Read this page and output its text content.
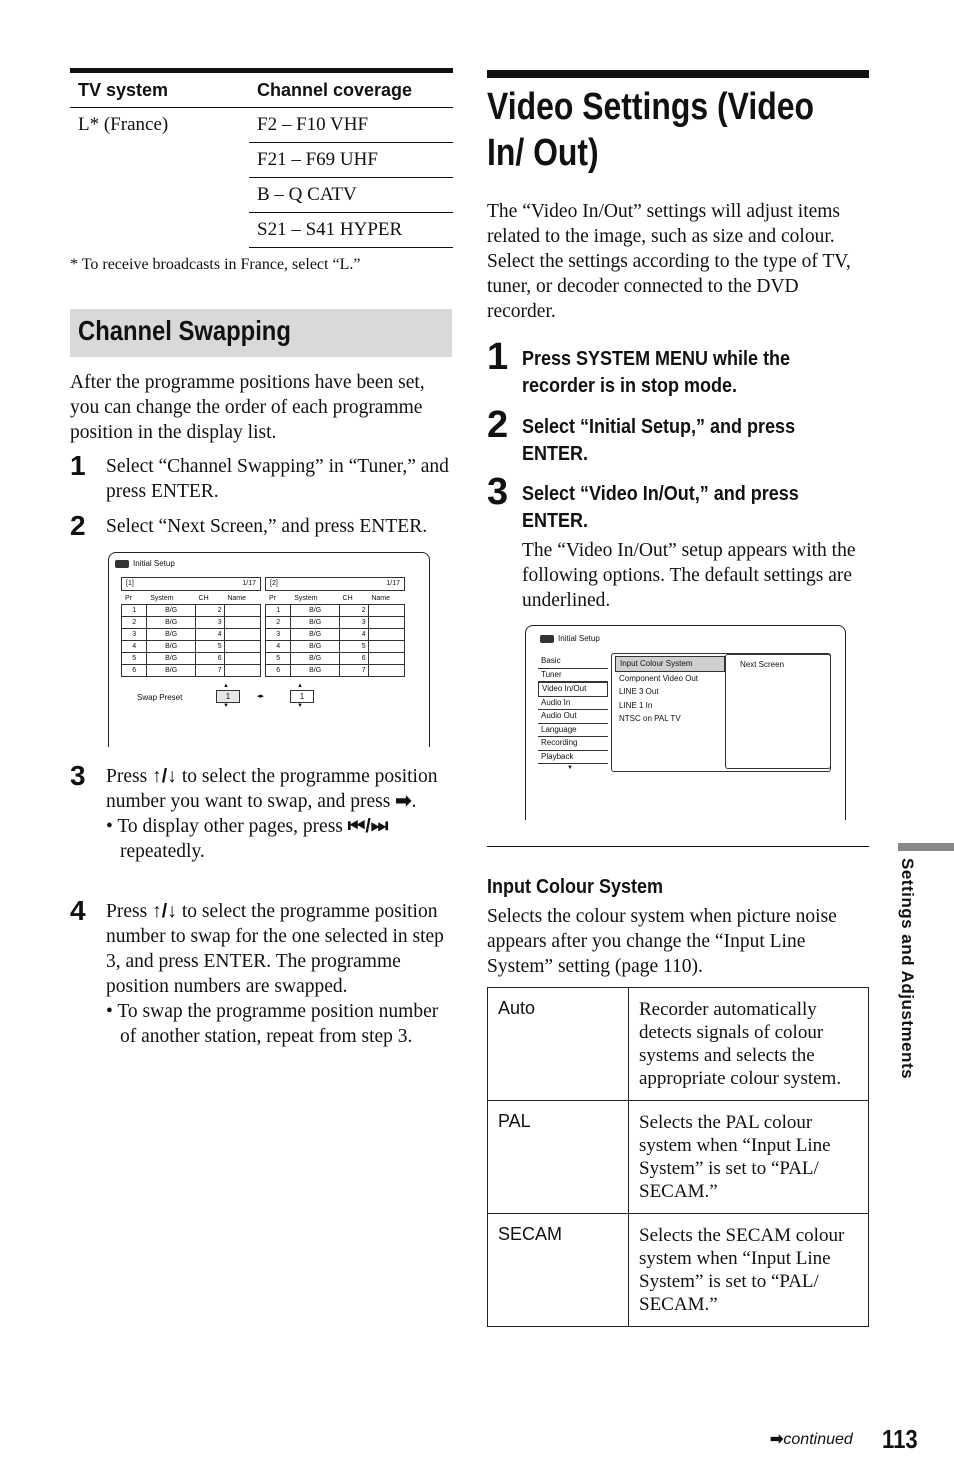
TV system	Channel coverage
L* (France)	F2 – F10 VHF
	F21 – F69 UHF
	B – Q CATV
	S21 – S41 HYPER
* To receive broadcasts in France, select “L.”
Channel Swapping
After the programme positions have been set, you can change the order of each programme position in the display list.
1 Select “Channel Swapping” in “Tuner,” and press ENTER.
2 Select “Next Screen,” and press ENTER.
Initial Setup
[1]	1/17
Pr	System	CH	Name
1	B/G	2	
2	B/G	3	
3	B/G	4	
4	B/G	5	
5	B/G	6	
6	B/G	7	
[2]	1/17
Pr	System	CH	Name
1	B/G	2	
2	B/G	3	
3	B/G	4	
4	B/G	5	
5	B/G	6	
6	B/G	7	
Swap Preset	1
▲
▼
◂▸	1
▲
▼
3 Press ↑/↓ to select the programme position number you want to swap, and press ➡.
• To display other pages, press ⏮/⏭ repeatedly.
4 Press ↑/↓ to select the programme position number to swap for the one selected in step 3, and press ENTER. The programme position numbers are swapped.
• To swap the programme position number of another station, repeat from step 3.
Video Settings (Video In/ Out)
The “Video In/Out” settings will adjust items related to the image, such as size and colour. Select the settings according to the type of TV, tuner, or decoder connected to the DVD recorder.
1 Press SYSTEM MENU while the
recorder is in stop mode.
2 Select “Initial Setup,” and press
ENTER.
3 Select “Video In/Out,” and press
ENTER.
The “Video In/Out” setup appears with the following options. The default settings are underlined.
Initial Setup
Basic
Tuner
Video In/Out
Audio In
Audio Out
Language
Recording
Playback
▼
Input Colour System
Component Video Out
LINE 3 Out
LINE 1 In
NTSC on PAL TV
Next Screen
Input Colour System
Selects the colour system when picture noise appears after you change the “Input Line System” setting (page 110).
Auto	Recorder automatically detects signals of colour systems and selects the appropriate colour system.
PAL	Selects the PAL colour system when “Input Line System” is set to “PAL/ SECAM.”
SECAM	Selects the SECAM colour system when “Input Line System” is set to “PAL/ SECAM.”
Settings and Adjustments
➡continued 113
